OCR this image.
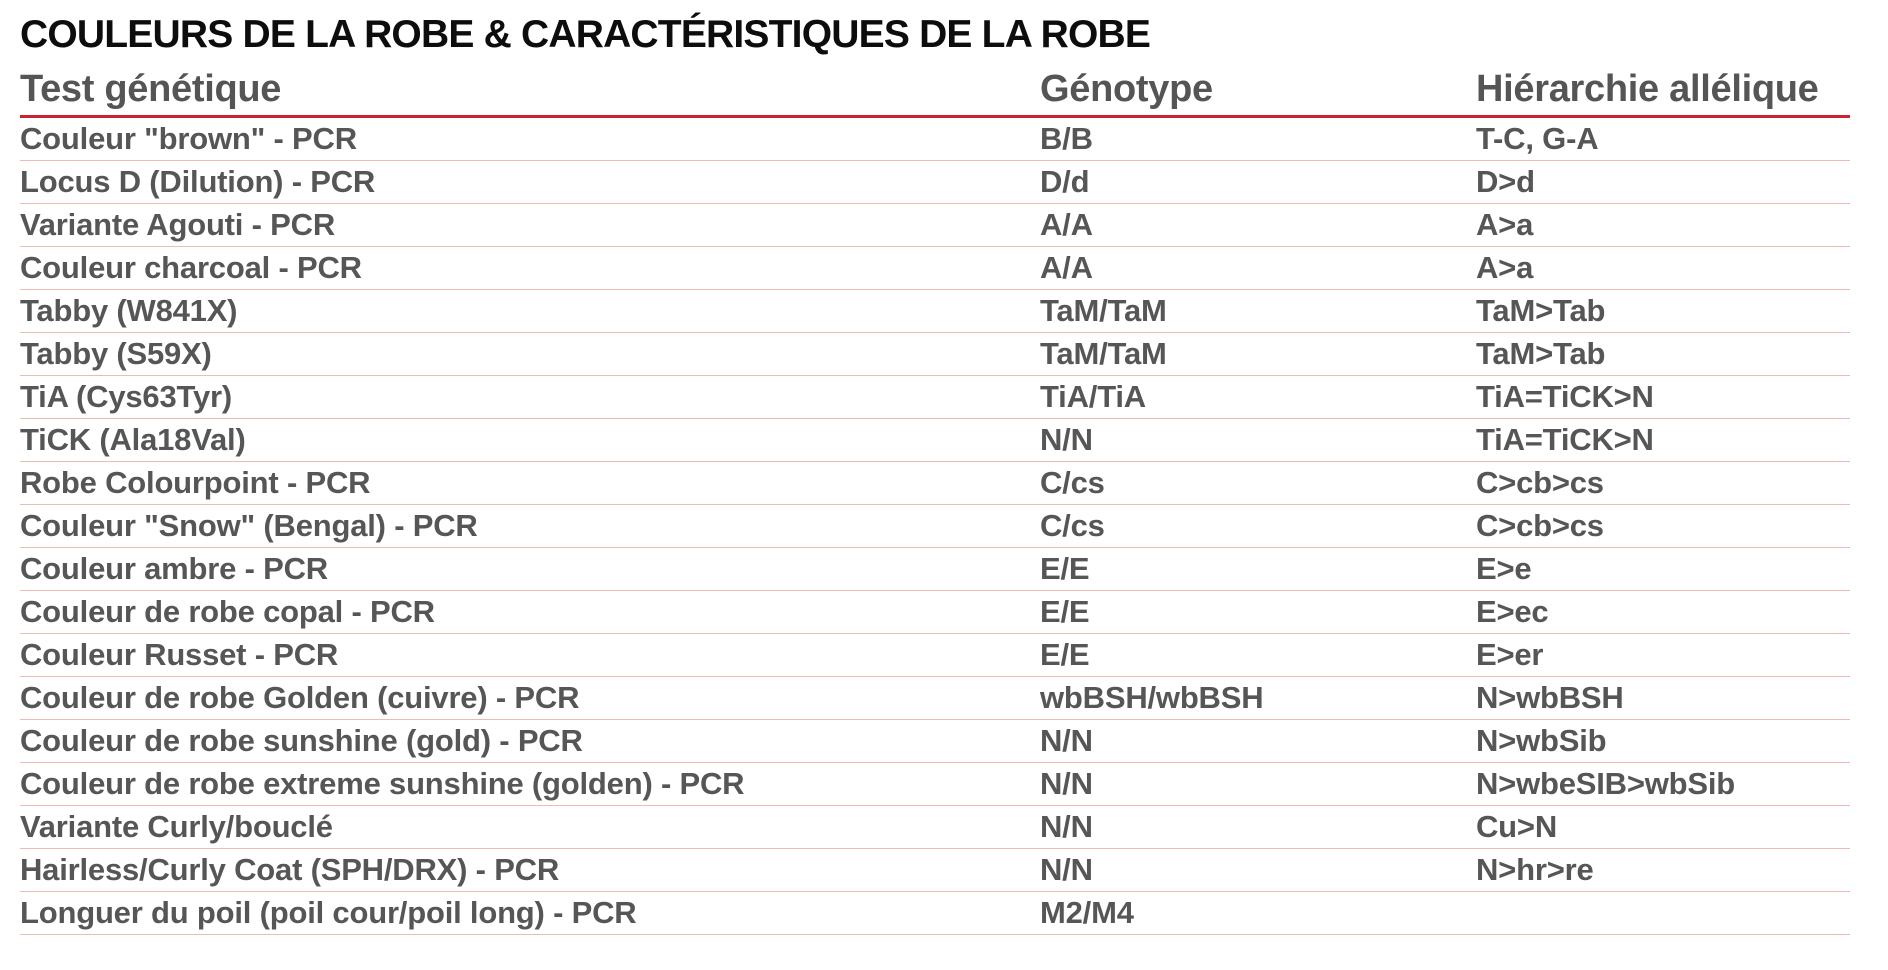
COULEURS DE LA ROBE & CARACTÉRISTIQUES DE LA ROBE
Test génétique	Génotype	Hiérarchie allélique
Couleur "brown" - PCR	B/B	T-C, G-A
Locus D (Dilution) - PCR	D/d	D>d
Variante Agouti - PCR	A/A	A>a
Couleur charcoal - PCR	A/A	A>a
Tabby (W841X)	TaM/TaM	TaM>Tab
Tabby (S59X)	TaM/TaM	TaM>Tab
TiA (Cys63Tyr)	TiA/TiA	TiA=TiCK>N
TiCK (Ala18Val)	N/N	TiA=TiCK>N
Robe Colourpoint - PCR	C/cs	C>cb>cs
Couleur "Snow" (Bengal) - PCR	C/cs	C>cb>cs
Couleur ambre - PCR	E/E	E>e
Couleur de robe copal - PCR	E/E	E>ec
Couleur Russet - PCR	E/E	E>er
Couleur de robe Golden (cuivre) - PCR	wbBSH/wbBSH	N>wbBSH
Couleur de robe sunshine (gold) - PCR	N/N	N>wbSib
Couleur de robe extreme sunshine (golden) - PCR	N/N	N>wbeSIB>wbSib
Variante Curly/bouclé	N/N	Cu>N
Hairless/Curly Coat (SPH/DRX) - PCR	N/N	N>hr>re
Longuer du poil (poil cour/poil long) - PCR	M2/M4	
